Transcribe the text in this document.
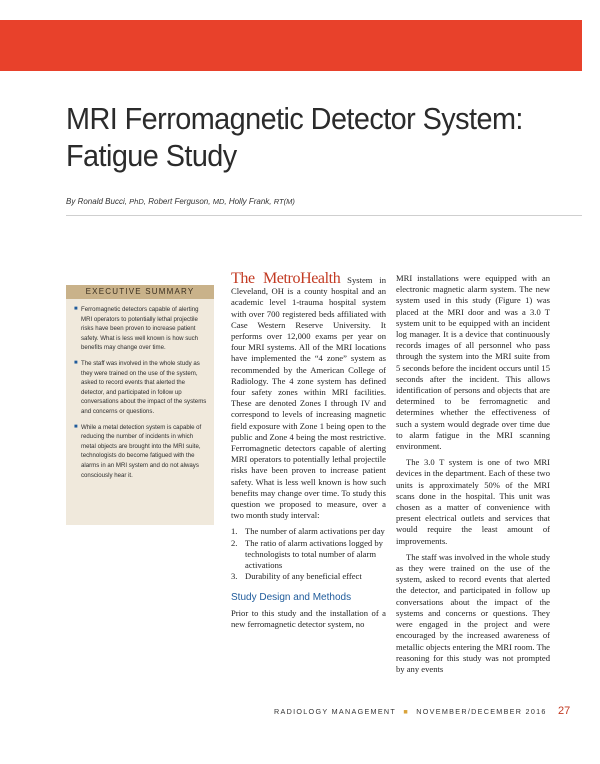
MRI Ferromagnetic Detector System:
Fatigue Study
By Ronald Bucci, PhD, Robert Ferguson, MD, Holly Frank, RT(M)
EXECUTIVE SUMMARY
■ Ferromagnetic detectors capable of alerting MRI operators to potentially lethal projectile risks have been proven to increase patient safety. What is less well known is how such benefits may change over time.
■ The staff was involved in the whole study as they were trained on the use of the system, asked to record events that alerted the detector, and participated in follow up conversations about the impact of the systems and concerns or questions.
■ While a metal detection system is capable of reducing the number of incidents in which metal objects are brought into the MRI suite, technologists do become fatigued with the alarms in an MRI system and do not always consciously hear it.

The MetroHealth System in Cleveland, OH is a county hospital and an academic level 1-trauma hospital system with over 700 registered beds affiliated with Case Western Reserve University. It performs over 12,000 exams per year on four MRI systems. All of the MRI locations have implemented the “4 zone” system as recommended by the American College of Radiology. The 4 zone system has defined four safety zones within MRI facilities. These are denoted Zones I through IV and correspond to levels of increasing magnetic field exposure with Zone 1 being open to the public and Zone 4 being the most restrictive. Ferromagnetic detectors capable of alerting MRI operators to potentially lethal projectile risks have been proven to increase patient safety. What is less well known is how such benefits may change over time. To study this question we proposed to measure, over a two month study interval:

1. The number of alarm activations per day
2. The ratio of alarm activations logged by technologists to total number of alarm activations
3. Durability of any beneficial effect
Study Design and Methods

Prior to this study and the installation of a new ferromagnetic detector system, no

MRI installations were equipped with an electronic magnetic alarm system. The new system used in this study (Figure 1) was placed at the MRI door and was a 3.0 T system unit to be equipped with an incident log manager. It is a device that continuously records images of all personnel who pass through the system into the MRI suite from 5 seconds before the incident occurs until 15 seconds after the incident. This allows identification of persons and objects that are determined to be ferromagnetic and determines whether the effectiveness of such a system would degrade over time due to alarm fatigue in the MRI scanning environment.

The 3.0 T system is one of two MRI devices in the department. Each of these two units is approximately 50% of the MRI scans done in the hospital. This unit was chosen as a matter of convenience with present electrical outlets and services that would require the least amount of improvements.

The staff was involved in the whole study as they were trained on the use of the system, asked to record events that alerted the detector, and participated in follow up conversations about the impact of the systems and concerns or questions. They were engaged in the project and were encouraged by the increased awareness of metallic objects entering the MRI room. The reasoning for this study was not prompted by any events

RADIOLOGY MANAGEMENT ■ NOVEMBER/DECEMBER 2016 27
